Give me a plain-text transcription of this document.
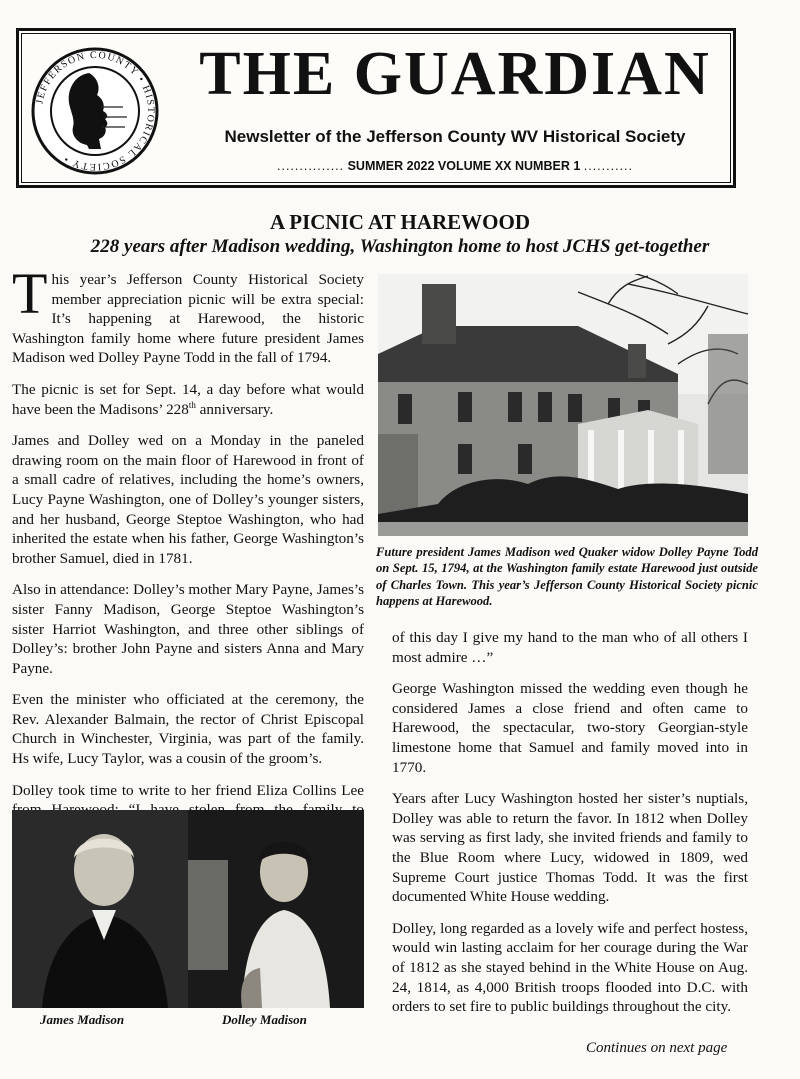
JEFFERSON COUNTY • HISTORICAL SOCIETY •
THE GUARDIAN
Newsletter of the Jefferson County WV Historical Society
............... SUMMER 2022 VOLUME XX NUMBER 1 ...........
A PICNIC AT HAREWOOD
228 years after Madison wedding, Washington home to host JCHS get-together

This year’s Jefferson County Historical Society member appreciation picnic will be extra special: It’s happening at Harewood, the historic Washington family home where future president James Madison wed Dolley Payne Todd in the fall of 1794.

The picnic is set for Sept. 14, a day before what would have been the Madisons’ 228th anniversary.

James and Dolley wed on a Monday in the paneled drawing room on the main floor of Harewood in front of a small cadre of relatives, including the home’s owners, Lucy Payne Washington, one of Dolley’s younger sisters, and her husband, George Steptoe Washington, who had inherited the estate when his father, George Washington’s brother Samuel, died in 1781.

Also in attendance: Dolley’s mother Mary Payne, James’s sister Fanny Madison, George Steptoe Washington’s sister Harriot Washington, and three other siblings of Dolley’s: brother John Payne and sisters Anna and Mary Payne.

Even the minister who officiated at the ceremony, the Rev. Alexander Balmain, the rector of Christ Episcopal Church in Winchester, Virginia, was part of the family. Hs wife, Lucy Taylor, was a cousin of the groom’s.

Dolley took time to write to her friend Eliza Collins Lee

Future president James Madison wed Quaker widow Dolley Payne Todd on Sept. 15, 1794, at the Washington family estate Harewood just outside of Charles Town. This year’s Jefferson County Historical Society picnic happens at Harewood.

of this day I give my hand to the man who of all others I most admire …”

George Washington missed the wedding even though he considered James a close friend and often came to Harewood, the spectacular, two-story Georgian-style limestone home that Samuel and family moved into in 1770.

Years after Lucy Washington hosted her sister’s nuptials, Dolley was able to return the favor. In 1812 when Dolley was serving as first lady, she invited friends and family to the Blue Room where Lucy, widowed in 1809, wed Supreme Court justice Thomas Todd. It was the first documented White House wedding.

Dolley, long regarded as a lovely wife and perfect hostess, would win lasting acclaim for her courage during the War of 1812 as she stayed behind in the White House on Aug. 24, 1814, as 4,000 British troops flooded into D.C. with orders to set fire to public buildings throughout the city.

James Madison	Dolley Madison
Continues on next page
